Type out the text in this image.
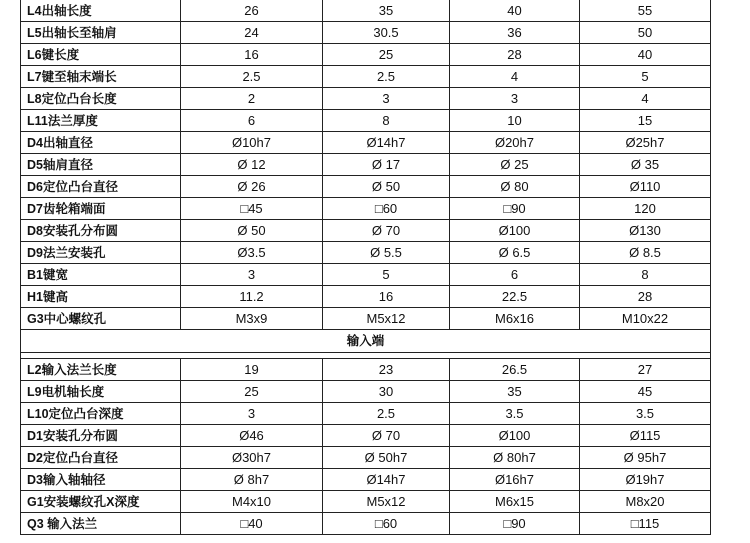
L4出轴长度	26	35	40	55
L5出轴长至轴肩	24	30.5	36	50
L6键长度	16	25	28	40
L7键至轴末端长	2.5	2.5	4	5
L8定位凸台长度	2	3	3	4
L11法兰厚度	6	8	10	15
D4出轴直径	Ø10h7	Ø14h7	Ø20h7	Ø25h7
D5轴肩直径	Ø 12	Ø 17	Ø 25	Ø 35
D6定位凸台直径	Ø 26	Ø 50	Ø 80	Ø110
D7齿轮箱端面	□45	□60	□90	120
D8安装孔分布圆	Ø 50	Ø 70	Ø100	Ø130
D9法兰安装孔	Ø3.5	Ø 5.5	Ø 6.5	Ø 8.5
B1键宽	3	5	6	8
H1键高	11.2	16	22.5	28
G3中心螺纹孔	M3x9	M5x12	M6x16	M10x22
输入端				

L2输入法兰长度	19	23	26.5	27
L9电机轴长度	25	30	35	45
L10定位凸台深度	3	2.5	3.5	3.5
D1安装孔分布圆	Ø46	Ø 70	Ø100	Ø115
D2定位凸台直径	Ø30h7	Ø 50h7	Ø 80h7	Ø 95h7
D3输入轴轴径	Ø 8h7	Ø14h7	Ø16h7	Ø19h7
G1安装螺纹孔X深度	M4x10	M5x12	M6x15	M8x20
Q3 输入法兰	□40	□60	□90	□115
